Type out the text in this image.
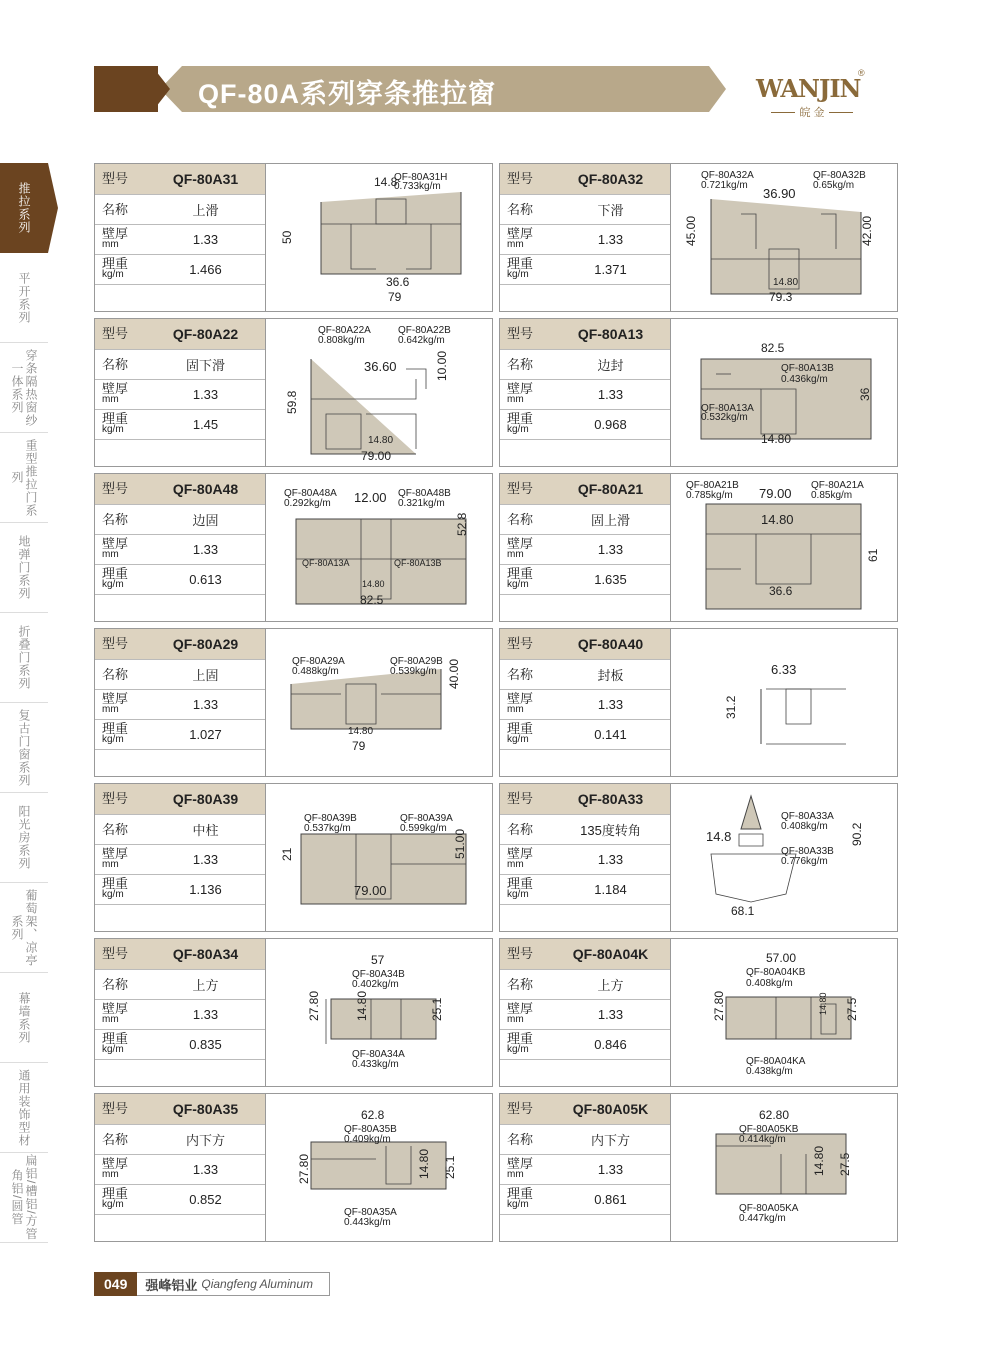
QF-80A系列穿条推拉窗	WANJIN
®
皖 金
推拉系列
平开系列
穿条隔热窗纱一体系列
重型推拉门系列
地弹门系列
折叠门系列
复古门窗系列
阳光房系列
葡萄架、凉亭系列
幕墙系列
通用装饰型材
扁铝/槽铝/方管角铝/圆管
型号	QF-80A31
名称	上滑
壁厚
mm	1.33
理重
kg/m	1.466
14.8
QF-80A31H
0.733kg/m
50
36.6
79
型号	QF-80A32
名称	下滑
壁厚
mm	1.33
理重
kg/m	1.371
QF-80A32A
0.721kg/m
36.90
QF-80A32B
0.65kg/m
45.00	42.00
14.80
79.3
型号	QF-80A22
名称	固下滑
壁厚
mm	1.33
理重
kg/m	1.45
QF-80A22A
0.808kg/m
QF-80A22B
0.642kg/m
59.8
36.60	10.00
14.80
79.00
型号	QF-80A13
名称	边封
壁厚
mm	1.33
理重
kg/m	0.968
82.5
QF-80A13B
0.436kg/m
QF-80A13A
0.532kg/m
36
14.80
型号	QF-80A48
名称	边固
壁厚
mm	1.33
理重
kg/m	0.613
QF-80A48A
0.292kg/m 12.00 QF-80A48B
0.321kg/m
52.8
QF-80A13A	QF-80A13B
14.80
82.5
型号	QF-80A21
名称	固上滑
壁厚
mm	1.33
理重
kg/m	1.635
QF-80A21B
0.785kg/m 79.00
QF-80A21A
0.85kg/m
14.80
61
36.6
型号	QF-80A29
名称	上固
壁厚
mm	1.33
理重
kg/m	1.027
QF-80A29A
0.488kg/m
QF-80A29B
0.539kg/m 40.00
14.80
79
型号	QF-80A40
名称	封板
壁厚
mm	1.33
理重
kg/m	0.141
6.33
31.2
型号	QF-80A39
名称	中柱
壁厚
mm	1.33
理重
kg/m	1.136
QF-80A39B
0.537kg/m
QF-80A39A
0.599kg/m
21	51.00
79.00
型号	QF-80A33
名称	135度转角
壁厚
mm	1.33
理重
kg/m	1.184
QF-80A33A
0.408kg/m
14.8	90.2
QF-80A33B
0.776kg/m
68.1
型号	QF-80A34
名称	上方
壁厚
mm	1.33
理重
kg/m	0.835
57
QF-80A34B
0.402kg/m
27.80	14.80	25.1
QF-80A34A
0.433kg/m
型号	QF-80A04K
名称	上方
壁厚
mm	1.33
理重
kg/m	0.846
57.00
QF-80A04KB
0.408kg/m
27.80	14.80 27.5
QF-80A04KA
0.438kg/m
型号	QF-80A35
名称	内下方
壁厚
mm	1.33
理重
kg/m	0.852
62.8
QF-80A35B
0.409kg/m
27.80	14.80 25.1
QF-80A35A
0.443kg/m
型号	QF-80A05K
名称	内下方
壁厚
mm	1.33
理重
kg/m	0.861
62.80
QF-80A05KB
0.414kg/m
14.80 27.5
QF-80A05KA
0.447kg/m
049	强峰铝业 Qiangfeng Aluminum
